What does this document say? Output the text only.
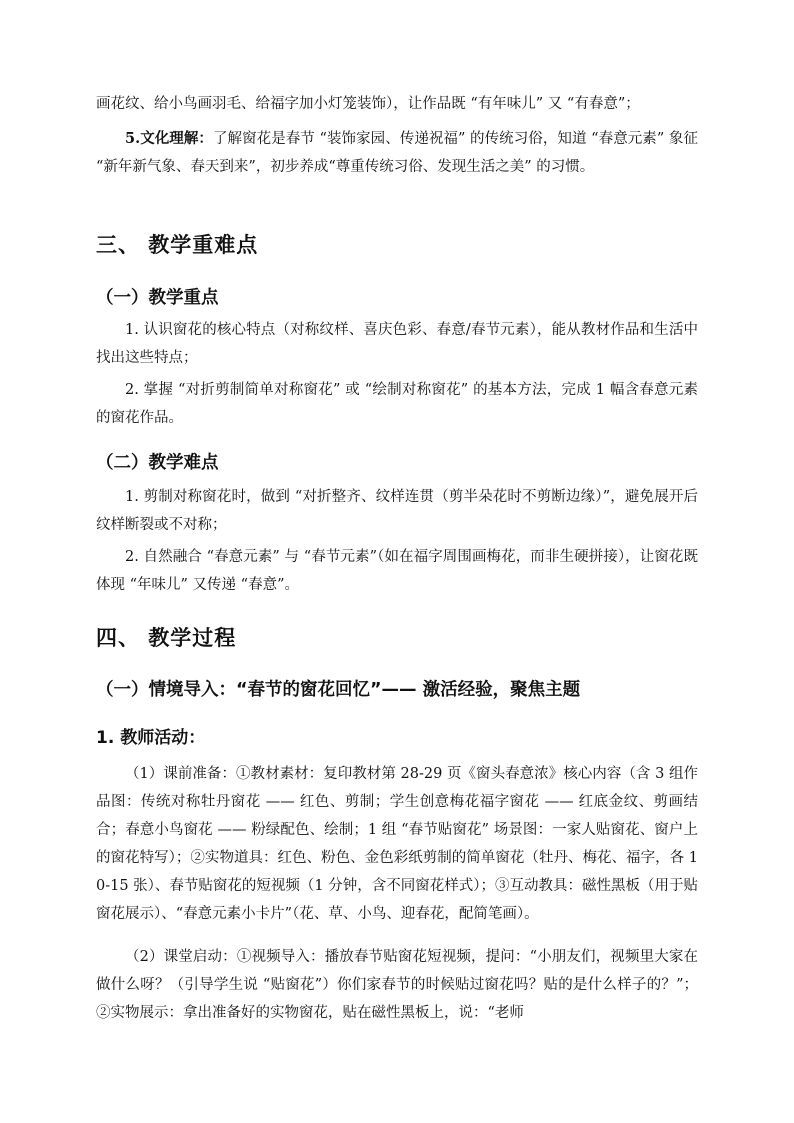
画花纹、给小鸟画羽毛、给福字加小灯笼装饰），让作品既 “有年味儿” 又 “有春意”；

5.文化理解：了解窗花是春节 “装饰家园、传递祝福” 的传统习俗，知道 “春意元素” 象征 “新年新气象、春天到来”，初步养成“尊重传统习俗、发现生活之美” 的习惯。

三、 教学重难点
（一）教学重点

1. 认识窗花的核心特点（对称纹样、喜庆色彩、春意/春节元素），能从教材作品和生活中找出这些特点；

2. 掌握 “对折剪制简单对称窗花” 或 “绘制对称窗花” 的基本方法，完成 1 幅含春意元素的窗花作品。

（二）教学难点

1. 剪制对称窗花时，做到 “对折整齐、纹样连贯（剪半朵花时不剪断边缘）”，避免展开后纹样断裂或不对称；

2. 自然融合 “春意元素” 与 “春节元素”（如在福字周围画梅花，而非生硬拼接），让窗花既体现 “年味儿” 又传递 “春意”。

四、 教学过程
（一）情境导入：“春节的窗花回忆”—— 激活经验，聚焦主题
1. 教师活动：

（1）课前准备：①教材素材：复印教材第 28-29 页《窗头春意浓》核心内容（含 3 组作品图：传统对称牡丹窗花 —— 红色、剪制；学生创意梅花福字窗花 —— 红底金纹、剪画结合；春意小鸟窗花 —— 粉绿配色、绘制；1 组 “春节贴窗花” 场景图：一家人贴窗花、窗户上的窗花特写）；②实物道具：红色、粉色、金色彩纸剪制的简单窗花（牡丹、梅花、福字，各 10-15 张）、春节贴窗花的短视频（1 分钟，含不同窗花样式）；③互动教具：磁性黑板（用于贴窗花展示）、“春意元素小卡片”（花、草、小鸟、迎春花，配简笔画）。

（2）课堂启动：①视频导入：播放春节贴窗花短视频，提问：“小朋友们，视频里大家在做什么呀？（引导学生说 “贴窗花”）你们家春节的时候贴过窗花吗？贴的是什么样子的？”；②实物展示：拿出准备好的实物窗花，贴在磁性黑板上，说：“老师
